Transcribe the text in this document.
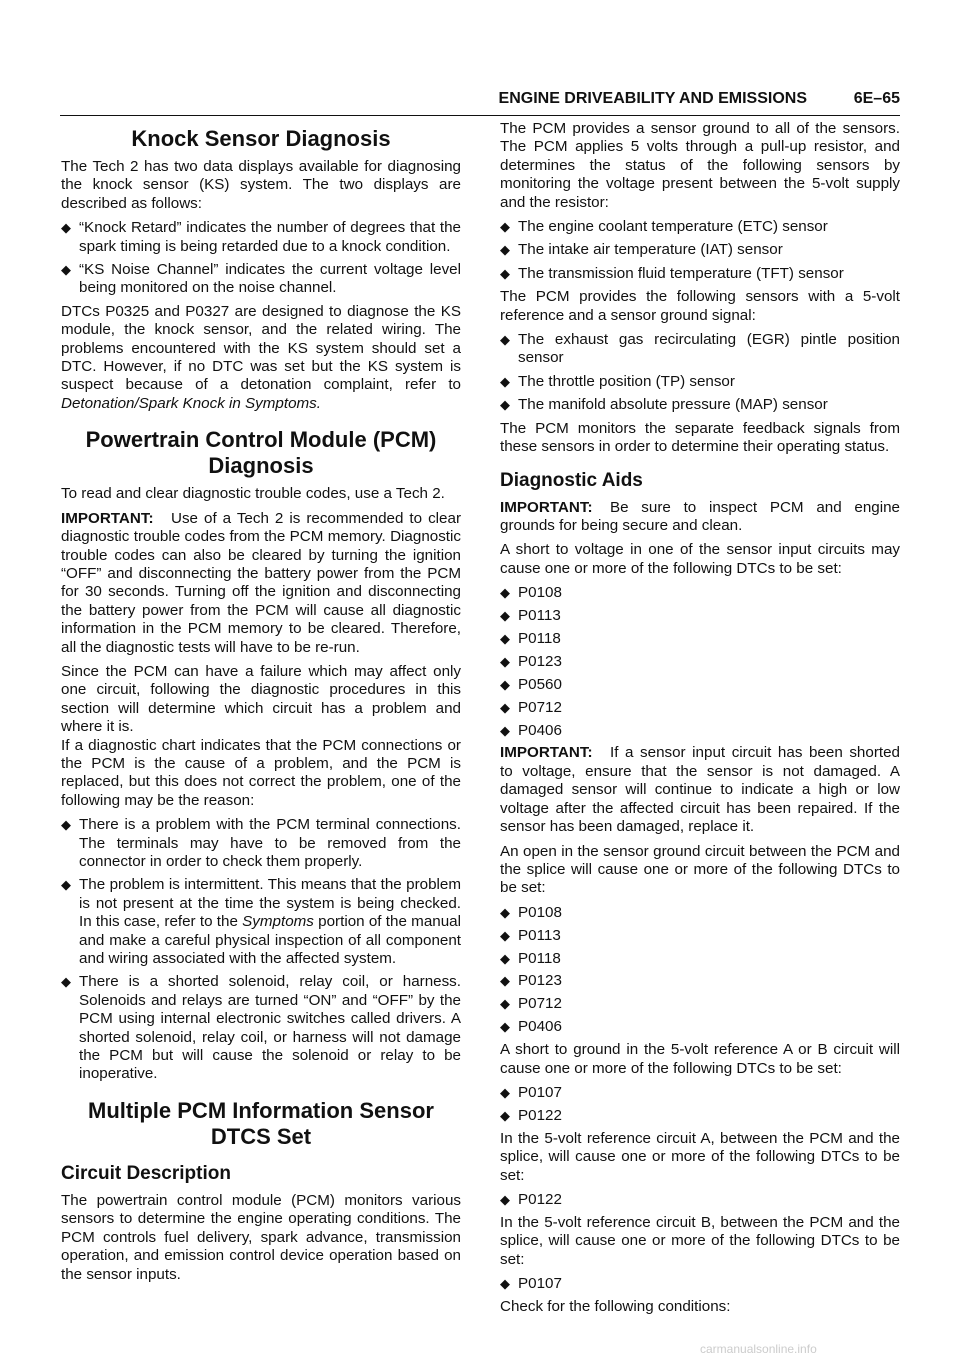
ENGINE DRIVEABILITY AND EMISSIONS	6E–65
Knock Sensor Diagnosis

The Tech 2 has two data displays available for diagnosing the knock sensor (KS) system. The two displays are described as follows:

◆ “Knock Retard” indicates the number of degrees that the spark timing is being retarded due to a knock condition.
◆ “KS Noise Channel” indicates the current voltage level being monitored on the noise channel.

DTCs P0325 and P0327 are designed to diagnose the KS module, the knock sensor, and the related wiring. The problems encountered with the KS system should set a DTC. However, if no DTC was set but the KS system is suspect because of a detonation complaint, refer to Detonation/Spark Knock in Symptoms.

Powertrain Control Module (PCM) Diagnosis

To read and clear diagnostic trouble codes, use a Tech 2.

IMPORTANT: Use of a Tech 2 is recommended to clear diagnostic trouble codes from the PCM memory. Diagnostic trouble codes can also be cleared by turning the ignition “OFF” and disconnecting the battery power from the PCM for 30 seconds. Turning off the ignition and disconnecting the battery power from the PCM will cause all diagnostic information in the PCM memory to be cleared. Therefore, all the diagnostic tests will have to be re-run.

Since the PCM can have a failure which may affect only one circuit, following the diagnostic procedures in this section will determine which circuit has a problem and where it is.

If a diagnostic chart indicates that the PCM connections or the PCM is the cause of a problem, and the PCM is replaced, but this does not correct the problem, one of the following may be the reason:

◆ There is a problem with the PCM terminal connections. The terminals may have to be removed from the connector in order to check them properly.
◆ The problem is intermittent. This means that the problem is not present at the time the system is being checked. In this case, refer to the Symptoms portion of the manual and make a careful physical inspection of all component and wiring associated with the affected system.
◆ There is a shorted solenoid, relay coil, or harness. Solenoids and relays are turned “ON” and “OFF” by the PCM using internal electronic switches called drivers. A shorted solenoid, relay coil, or harness will not damage the PCM but will cause the solenoid or relay to be inoperative.
Multiple PCM Information Sensor DTCS Set
Circuit Description

The powertrain control module (PCM) monitors various sensors to determine the engine operating conditions. The PCM controls fuel delivery, spark advance, transmission operation, and emission control device operation based on the sensor inputs.

The PCM provides a sensor ground to all of the sensors. The PCM applies 5 volts through a pull-up resistor, and determines the status of the following sensors by monitoring the voltage present between the 5-volt supply and the resistor:

◆ The engine coolant temperature (ETC) sensor
◆ The intake air temperature (IAT) sensor
◆ The transmission fluid temperature (TFT) sensor

The PCM provides the following sensors with a 5-volt reference and a sensor ground signal:

◆ The exhaust gas recirculating (EGR) pintle position sensor
◆ The throttle position (TP) sensor
◆ The manifold absolute pressure (MAP) sensor

The PCM monitors the separate feedback signals from these sensors in order to determine their operating status.

Diagnostic Aids

IMPORTANT: Be sure to inspect PCM and engine grounds for being secure and clean.

A short to voltage in one of the sensor input circuits may cause one or more of the following DTCs to be set:

◆ P0108
◆ P0113
◆ P0118
◆ P0123
◆ P0560
◆ P0712
◆ P0406

IMPORTANT: If a sensor input circuit has been shorted to voltage, ensure that the sensor is not damaged. A damaged sensor will continue to indicate a high or low voltage after the affected circuit has been repaired. If the sensor has been damaged, replace it.

An open in the sensor ground circuit between the PCM and the splice will cause one or more of the following DTCs to be set:

◆ P0108
◆ P0113
◆ P0118
◆ P0123
◆ P0712
◆ P0406

A short to ground in the 5-volt reference A or B circuit will cause one or more of the following DTCs to be set:

◆ P0107
◆ P0122

In the 5-volt reference circuit A, between the PCM and the splice, will cause one or more of the following DTCs to be set:

◆ P0122

In the 5-volt reference circuit B, between the PCM and the splice, will cause one or more of the following DTCs to be set:

◆ P0107

Check for the following conditions:

carmanualsonline.info
